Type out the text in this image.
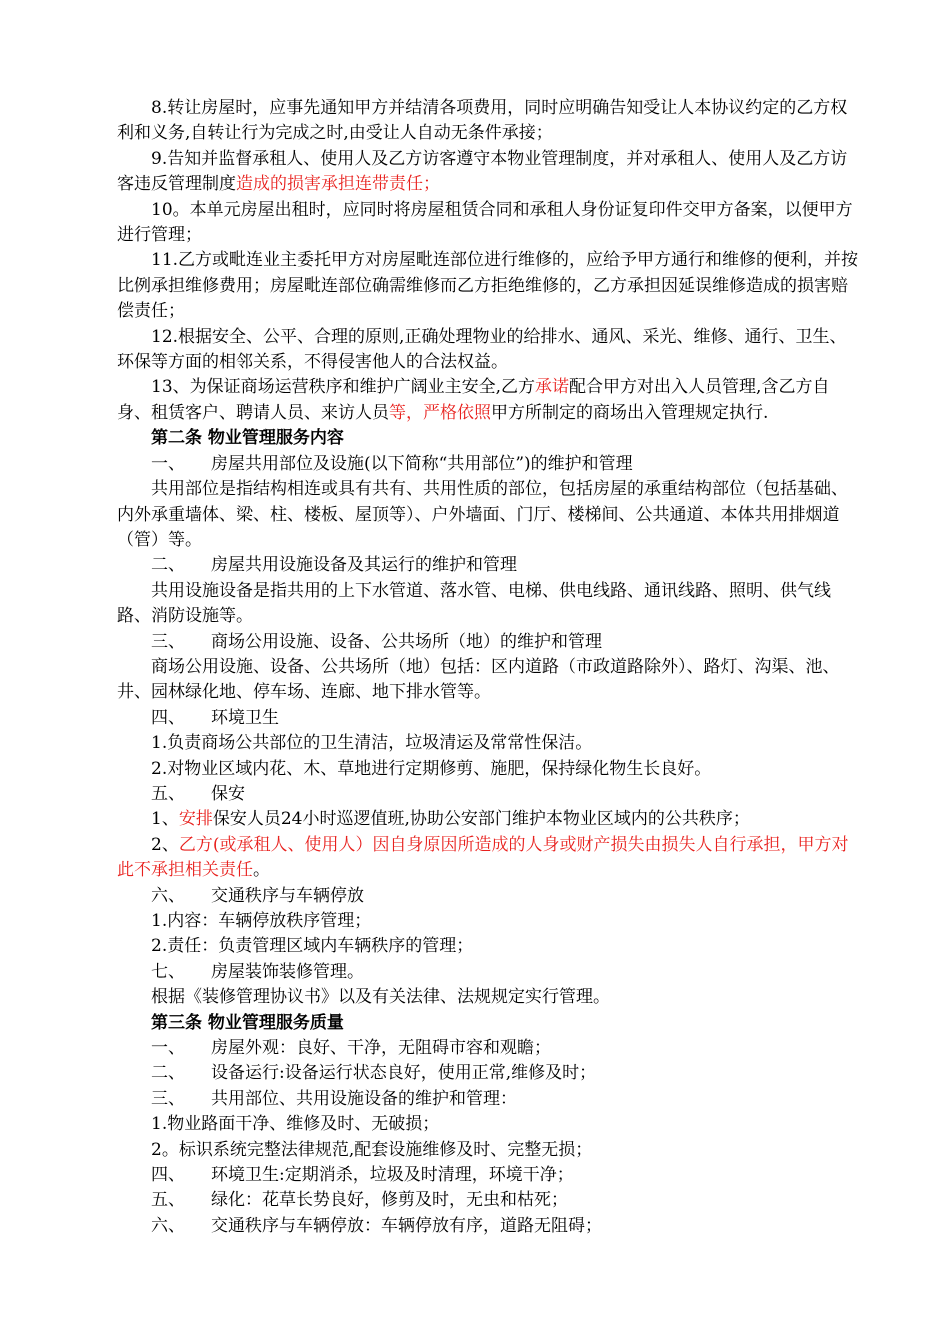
8.转让房屋时，应事先通知甲方并结清各项费用，同时应明确告知受让人本协议约定的乙方权利和义务,自转让行为完成之时,由受让人自动无条件承接；

9.告知并监督承租人、使用人及乙方访客遵守本物业管理制度，并对承租人、使用人及乙方访客违反管理制度造成的损害承担连带责任；

10。本单元房屋出租时，应同时将房屋租赁合同和承租人身份证复印件交甲方备案，以便甲方进行管理；

11.乙方或毗连业主委托甲方对房屋毗连部位进行维修的，应给予甲方通行和维修的便利，并按比例承担维修费用；房屋毗连部位确需维修而乙方拒绝维修的，乙方承担因延误维修造成的损害赔偿责任；

12.根据安全、公平、合理的原则,正确处理物业的给排水、通风、采光、维修、通行、卫生、环保等方面的相邻关系，不得侵害他人的合法权益。

13、为保证商场运营秩序和维护广阔业主安全,乙方承诺配合甲方对出入人员管理,含乙方自身、租赁客户、聘请人员、来访人员等，严格依照甲方所制定的商场出入管理规定执行.

第二条 物业管理服务内容

一、 房屋共用部位及设施(以下简称“共用部位”)的维护和管理

共用部位是指结构相连或具有共有、共用性质的部位，包括房屋的承重结构部位（包括基础、内外承重墙体、梁、柱、楼板、屋顶等）、户外墙面、门厅、楼梯间、公共通道、本体共用排烟道（管）等。

二、 房屋共用设施设备及其运行的维护和管理

共用设施设备是指共用的上下水管道、落水管、电梯、供电线路、通讯线路、照明、供气线路、消防设施等。

三、 商场公用设施、设备、公共场所（地）的维护和管理

商场公用设施、设备、公共场所（地）包括：区内道路（市政道路除外）、路灯、沟渠、池、井、园林绿化地、停车场、连廊、地下排水管等。

四、 环境卫生

1.负责商场公共部位的卫生清洁，垃圾清运及常常性保洁。

2.对物业区域内花、木、草地进行定期修剪、施肥，保持绿化物生长良好。

五、 保安

1、安排保安人员24小时巡逻值班,协助公安部门维护本物业区域内的公共秩序；

2、乙方(或承租人、使用人）因自身原因所造成的人身或财产损失由损失人自行承担，甲方对此不承担相关责任。

六、 交通秩序与车辆停放

1.内容：车辆停放秩序管理；

2.责任：负责管理区域内车辆秩序的管理；

七、 房屋装饰装修管理。

根据《装修管理协议书》以及有关法律、法规规定实行管理。

第三条 物业管理服务质量

一、 房屋外观：良好、干净，无阻碍市容和观瞻；

二、 设备运行:设备运行状态良好，使用正常,维修及时；

三、 共用部位、共用设施设备的维护和管理：

1.物业路面干净、维修及时、无破损；

2。标识系统完整法律规范,配套设施维修及时、完整无损；

四、 环境卫生:定期消杀，垃圾及时清理，环境干净；

五、 绿化：花草长势良好，修剪及时，无虫和枯死；

六、 交通秩序与车辆停放：车辆停放有序，道路无阻碍；
